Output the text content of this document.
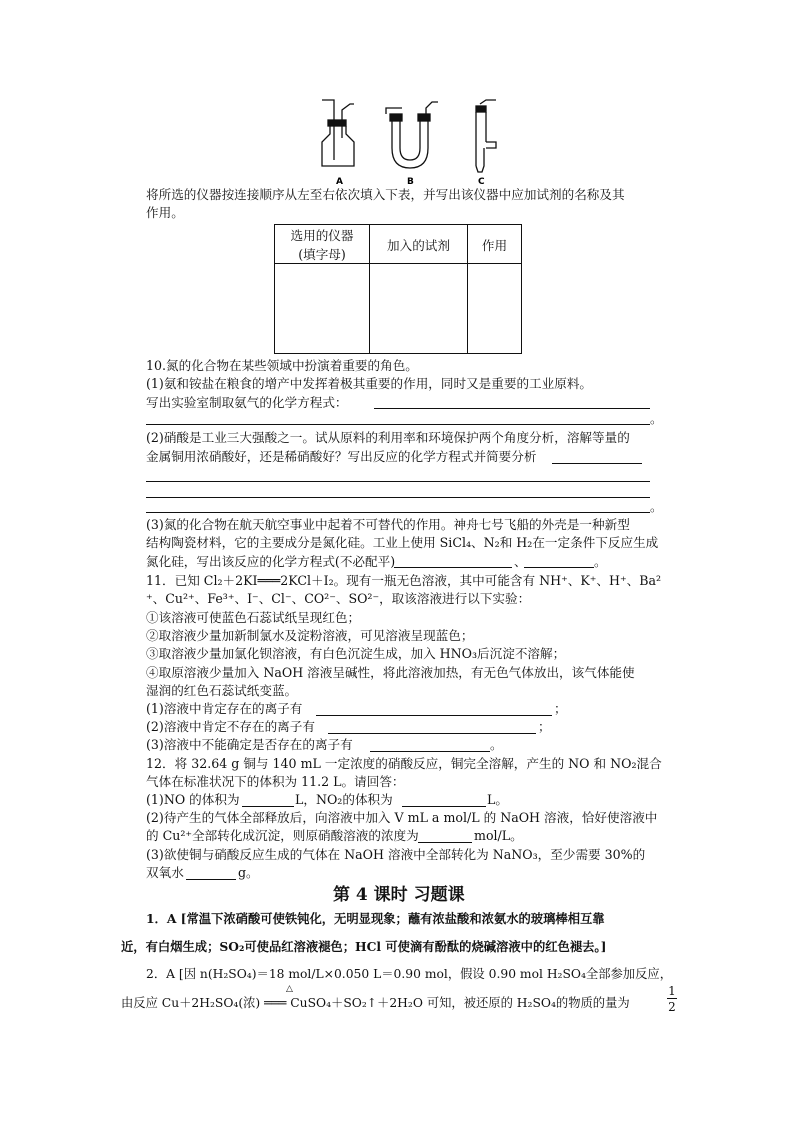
A	B	C
将所选的仪器按连接顺序从左至右依次填入下表，并写出该仪器中应加试剂的名称及其
作用。
选用的仪器
(填字母)	加入的试剂	作用

10.氮的化合物在某些领域中扮演着重要的角色。
(1)氨和铵盐在粮食的增产中发挥着极其重要的作用，同时又是重要的工业原料。
写出实验室制取氨气的化学方程式：
。
(2)硝酸是工业三大强酸之一。试从原料的利用率和环境保护两个角度分析，溶解等量的
金属铜用浓硝酸好，还是稀硝酸好？写出反应的化学方程式并简要分析
。
(3)氮的化合物在航天航空事业中起着不可替代的作用。神舟七号飞船的外壳是一种新型
结构陶瓷材料，它的主要成分是氮化硅。工业上使用 SiCl₄、N₂和 H₂在一定条件下反应生成
氮化硅，写出该反应的化学方程式(不必配平)	、	。
11．已知 Cl₂＋2KI═══2KCl＋I₂。现有一瓶无色溶液，其中可能含有 NH⁺、K⁺、H⁺、Ba²
⁺、Cu²⁺、Fe³⁺、I⁻、Cl⁻、CO²⁻、SO²⁻，取该溶液进行以下实验：
①该溶液可使蓝色石蕊试纸呈现红色；
②取溶液少量加新制氯水及淀粉溶液，可见溶液呈现蓝色；
③取溶液少量加氯化钡溶液，有白色沉淀生成，加入 HNO₃后沉淀不溶解；
④取原溶液少量加入 NaOH 溶液呈碱性，将此溶液加热，有无色气体放出，该气体能使
湿润的红色石蕊试纸变蓝。
(1)溶液中肯定存在的离子有	；
(2)溶液中肯定不存在的离子有	；
(3)溶液中不能确定是否存在的离子有	。
12．将 32.64 g 铜与 140 mL 一定浓度的硝酸反应，铜完全溶解，产生的 NO 和 NO₂混合
气体在标准状况下的体积为 11.2 L。请回答：
(1)NO 的体积为	L，NO₂的体积为	L。
(2)待产生的气体全部释放后，向溶液中加入 V mL a mol/L 的 NaOH 溶液，恰好使溶液中
的 Cu²⁺全部转化成沉淀，则原硝酸溶液的浓度为	mol/L。
(3)欲使铜与硝酸反应生成的气体在 NaOH 溶液中全部转化为 NaNO₃，至少需要 30%的
双氧水	g。
第 4 课时 习题课
1．A [常温下浓硝酸可使铁钝化，无明显现象；蘸有浓盐酸和浓氨水的玻璃棒相互靠
近，有白烟生成；SO₂可使品红溶液褪色；HCl 可使滴有酚酞的烧碱溶液中的红色褪去。]
2．A [因 n(H₂SO₄)＝18 mol/L×0.050 L＝0.90 mol，假设 0.90 mol H₂SO₄全部参加反应，
△
由反应 Cu＋2H₂SO₄(浓) ═══ CuSO₄＋SO₂↑＋2H₂O 可知，被还原的 H₂SO₄的物质的量为
1
2
